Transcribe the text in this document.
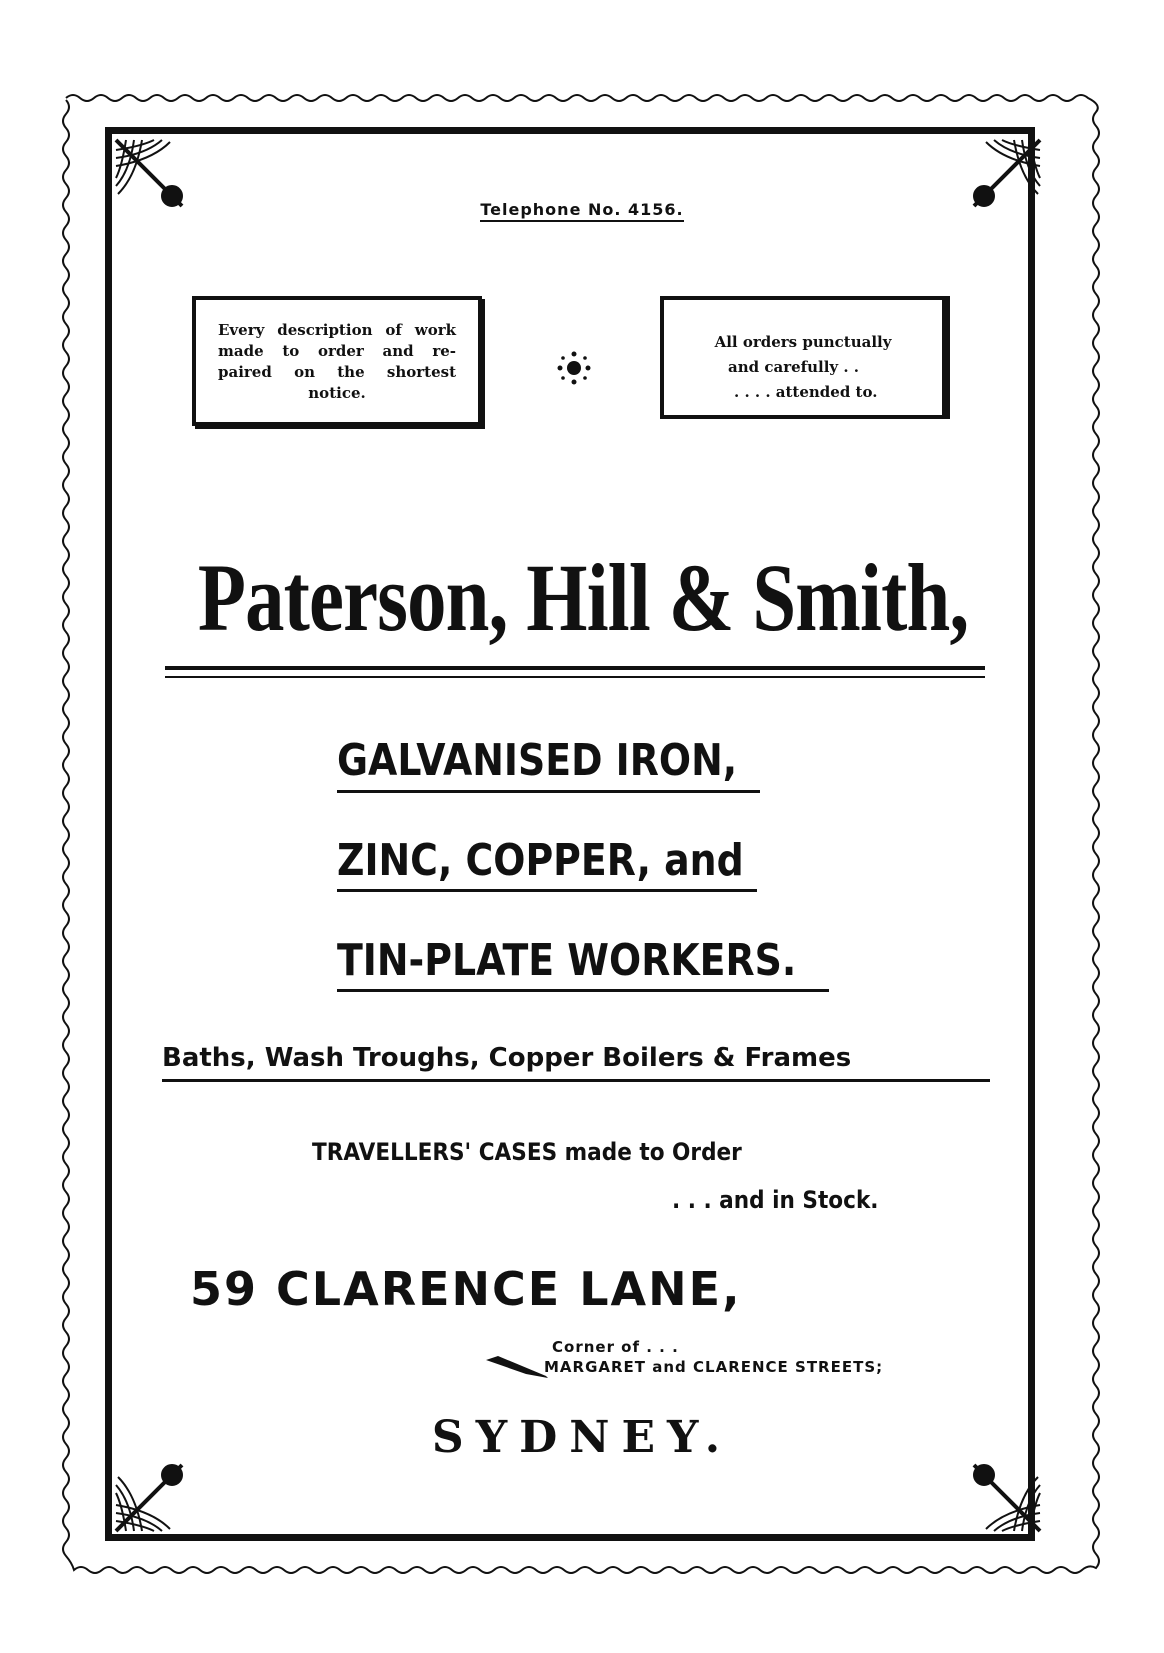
Telephone No. 4156.
Every description of work
made to order and re-
paired on the shortest
notice.
All orders punctually
and carefully . .
. . . . attended to.
Paterson, Hill & Smith,
GALVANISED IRON,
ZINC, COPPER, and
TIN-PLATE WORKERS.
Baths, Wash Troughs, Copper Boilers & Frames
TRAVELLERS' CASES made to Order
. . . and in Stock.
59 CLARENCE LANE,
Corner of . . .
MARGARET and CLARENCE STREETS;
SYDNEY.
